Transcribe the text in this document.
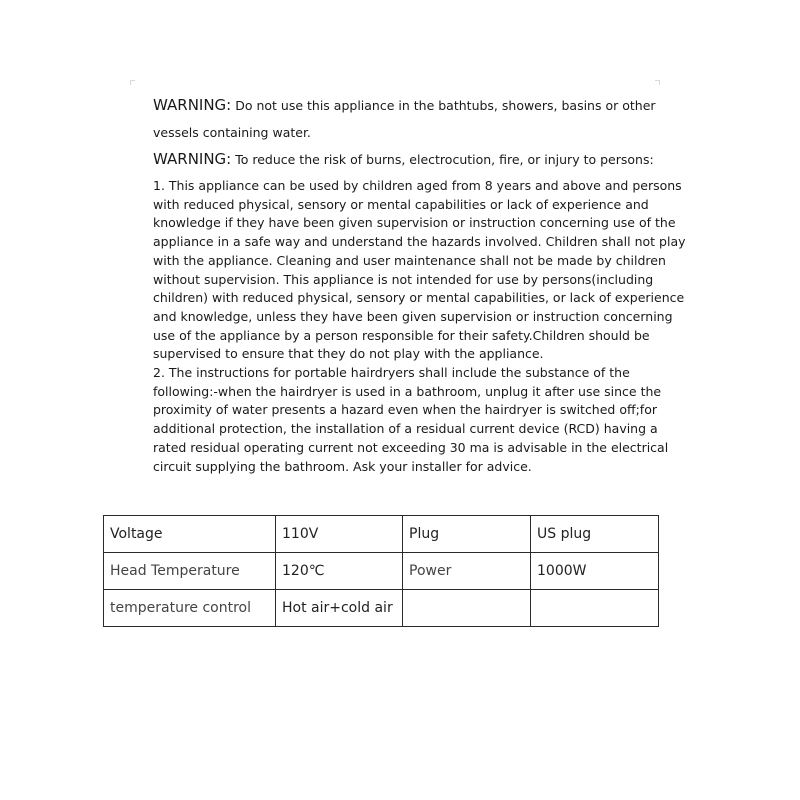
WARNING: Do not use this appliance in the bathtubs, showers, basins or other

vessels containing water.

WARNING: To reduce the risk of burns, electrocution, fire, or injury to persons:

1. This appliance can be used by children aged from 8 years and above and persons

with reduced physical, sensory or mental capabilities or lack of experience and

knowledge if they have been given supervision or instruction concerning use of the

appliance in a safe way and understand the hazards involved. Children shall not play

with the appliance. Cleaning and user maintenance shall not be made by children

without supervision. This appliance is not intended for use by persons(including

children) with reduced physical, sensory or mental capabilities, or lack of experience

and knowledge, unless they have been given supervision or instruction concerning

use of the appliance by a person responsible for their safety.Children should be

supervised to ensure that they do not play with the appliance.

2. The instructions for portable hairdryers shall include the substance of the

following:-when the hairdryer is used in a bathroom, unplug it after use since the

proximity of water presents a hazard even when the hairdryer is switched off;for

additional protection, the installation of a residual current device (RCD) having a

rated residual operating current not exceeding 30 ma is advisable in the electrical

circuit supplying the bathroom. Ask your installer for advice.

Voltage	110V	Plug	US plug
Head Temperature	120℃	Power	1000W
temperature control	Hot air+cold air		
